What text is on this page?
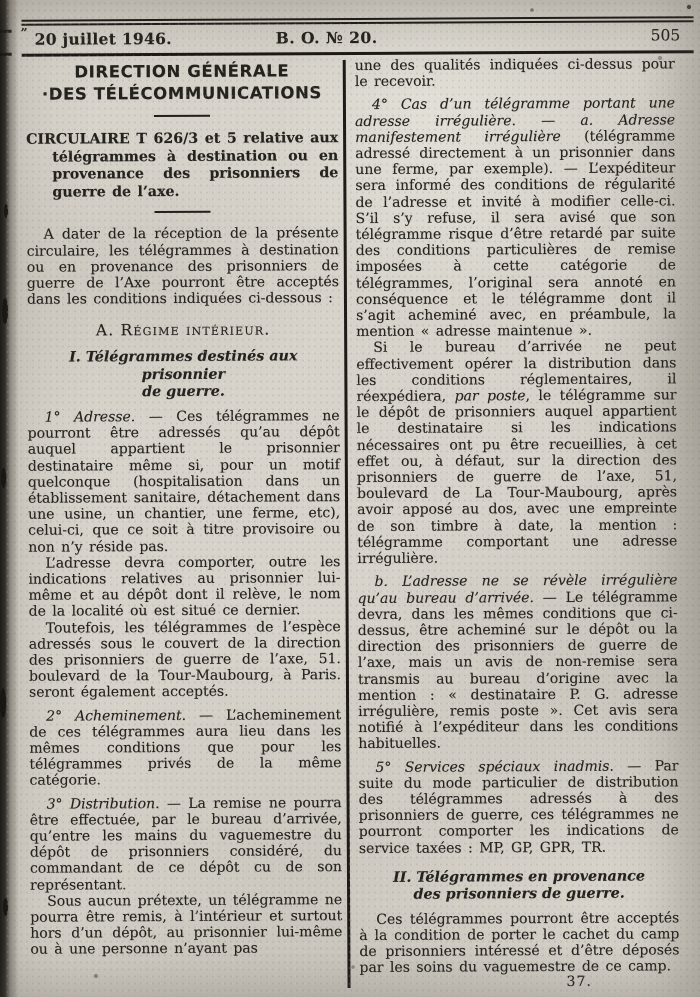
” 20 juillet 1946.	B. O. № 20.	505
DIRECTION GÉNÉRALE
·DES TÉLÉCOMMUNICATIONS

CIRCULAIRE T 626/3 et 5 relative aux télégrammes à destination ou en provenance des prisonniers de guerre de l’axe.

A dater de la réception de la présente circulaire, les télégrammes à destination ou en provenance des prisonniers de guerre de l’Axe pourront être acceptés dans les conditions indiquées ci-dessous :

A. Régime intérieur.
I. Télégrammes destinés aux prisonnier
de guerre.

1° Adresse. — Ces télégrammes ne pourront être adressés qu’au dépôt auquel appartient le prisonnier destinataire même si, pour un motif quelconque (hospitalisation dans un établissement sanitaire, détachement dans une usine, un chantier, une ferme, etc), celui-ci, que ce soit à titre provisoire ou non n’y réside pas.

L’adresse devra comporter, outre les indications relatives au prisonnier lui-même et au dépôt dont il relève, le nom de la localité où est situé ce dernier.

Toutefois, les télégrammes de l’espèce adressés sous le couvert de la direction des prisonniers de guerre de l’axe, 51. boulevard de la Tour-Maubourg, à Paris. seront également acceptés.

2° Acheminement. — L’acheminement de ces télégrammes aura lieu dans les mêmes conditions que pour les télégrammes privés de la même catégorie.

3° Distribution. — La remise ne pourra être effectuée, par le bureau d’arrivée, qu’entre les mains du vaguemestre du dépôt de prisonniers considéré, du commandant de ce dépôt cu de son représentant.

Sous aucun prétexte, un télégramme ne pourra être remis, à l’intérieur et surtout hors d’un dépôt, au prisonnier lui-même ou à une personne n’ayant pas

une des qualités indiquées ci-dessus pour le recevoir.

4° Cas d’un télégramme portant une adresse irrégulière. — a. Adresse manifestement irrégulière (télégramme adressé directement à un prisonnier dans une ferme, par exemple). — L’expéditeur sera informé des conditions de régularité de l’adresse et invité à modifier celle-ci. S’il s’y refuse, il sera avisé que son télégramme risque d’être retardé par suite des conditions particulières de remise imposées à cette catégorie de télégrammes, l’original sera annoté en conséquence et le télégramme dont il s’agit acheminé avec, en préambule, la mention « adresse maintenue ».

Si le bureau d’arrivée ne peut effectivement opérer la distribution dans les conditions réglementaires, il réexpédiera, par poste, le télégramme sur le dépôt de prisonniers auquel appartient le destinataire si les indications nécessaires ont pu être recueillies, à cet effet ou, à défaut, sur la direction des prisonniers de guerre de l’axe, 51, boulevard de La Tour-Maubourg, après avoir apposé au dos, avec une empreinte de son timbre à date, la mention : télégramme comportant une adresse irrégulière.

b. L’adresse ne se révèle irrégulière qu’au bureau d’arrivée. — Le télégramme devra, dans les mêmes conditions que ci-dessus, être acheminé sur le dépôt ou la direction des prisonniers de guerre de l’axe, mais un avis de non-remise sera transmis au bureau d’origine avec la mention : « destinataire P. G. adresse irrégulière, remis poste ». Cet avis sera notifié à l’expéditeur dans les conditions habituelles.

5° Services spéciaux inadmis. — Par suite du mode particulier de distribution des télégrammes adressés à des prisonniers de guerre, ces télégrammes ne pourront comporter les indications de service taxées : MP, GP, GPR, TR.

II. Télégrammes en provenance
des prisonniers de guerre.

Ces télégrammes pourront être acceptés à la condition de porter le cachet du camp de prisonniers intéressé et d’être déposés par les soins du vaguemestre de ce camp.

37.
